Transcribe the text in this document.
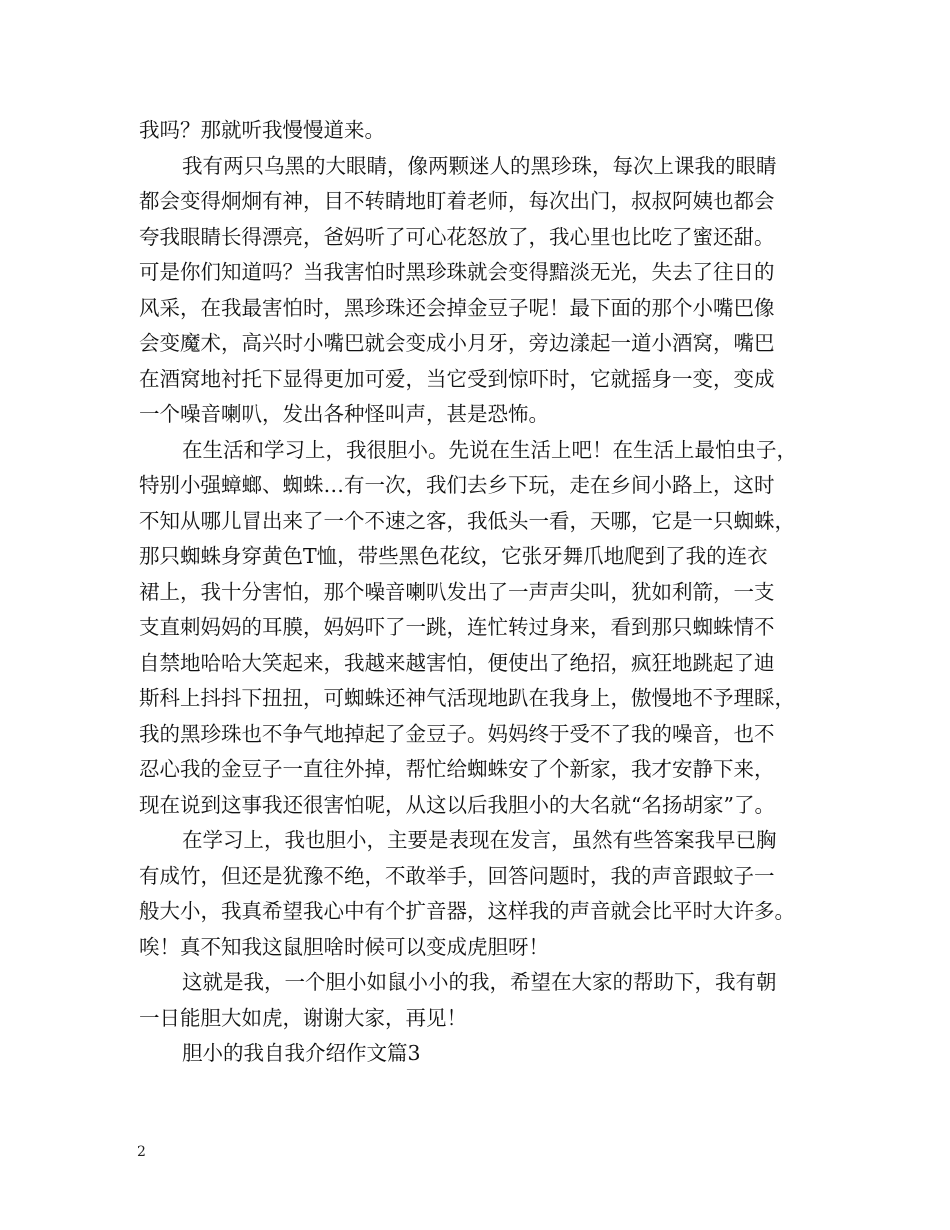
我吗？那就听我慢慢道来。
我有两只乌黑的大眼睛，像两颗迷人的黑珍珠，每次上课我的眼睛
都会变得炯炯有神，目不转睛地盯着老师，每次出门，叔叔阿姨也都会
夸我眼睛长得漂亮，爸妈听了可心花怒放了，我心里也比吃了蜜还甜。
可是你们知道吗？当我害怕时黑珍珠就会变得黯淡无光，失去了往日的
风采，在我最害怕时，黑珍珠还会掉金豆子呢！最下面的那个小嘴巴像
会变魔术，高兴时小嘴巴就会变成小月牙，旁边漾起一道小酒窝，嘴巴
在酒窝地衬托下显得更加可爱，当它受到惊吓时，它就摇身一变，变成
一个噪音喇叭，发出各种怪叫声，甚是恐怖。
在生活和学习上，我很胆小。先说在生活上吧！在生活上最怕虫子，
特别小强蟑螂、蜘蛛…有一次，我们去乡下玩，走在乡间小路上，这时
不知从哪儿冒出来了一个不速之客，我低头一看，天哪，它是一只蜘蛛，
那只蜘蛛身穿黄色T恤，带些黑色花纹，它张牙舞爪地爬到了我的连衣
裙上，我十分害怕，那个噪音喇叭发出了一声声尖叫，犹如利箭，一支
支直刺妈妈的耳膜，妈妈吓了一跳，连忙转过身来，看到那只蜘蛛情不
自禁地哈哈大笑起来，我越来越害怕，便使出了绝招，疯狂地跳起了迪
斯科上抖抖下扭扭，可蜘蛛还神气活现地趴在我身上，傲慢地不予理睬，
我的黑珍珠也不争气地掉起了金豆子。妈妈终于受不了我的噪音，也不
忍心我的金豆子一直往外掉，帮忙给蜘蛛安了个新家，我才安静下来，
现在说到这事我还很害怕呢，从这以后我胆小的大名就“名扬胡家”了。
在学习上，我也胆小，主要是表现在发言，虽然有些答案我早已胸
有成竹，但还是犹豫不绝，不敢举手，回答问题时，我的声音跟蚊子一
般大小，我真希望我心中有个扩音器，这样我的声音就会比平时大许多。
唉！真不知我这鼠胆啥时候可以变成虎胆呀！
这就是我，一个胆小如鼠小小的我，希望在大家的帮助下，我有朝
一日能胆大如虎，谢谢大家，再见！
胆小的我自我介绍作文篇3
2
